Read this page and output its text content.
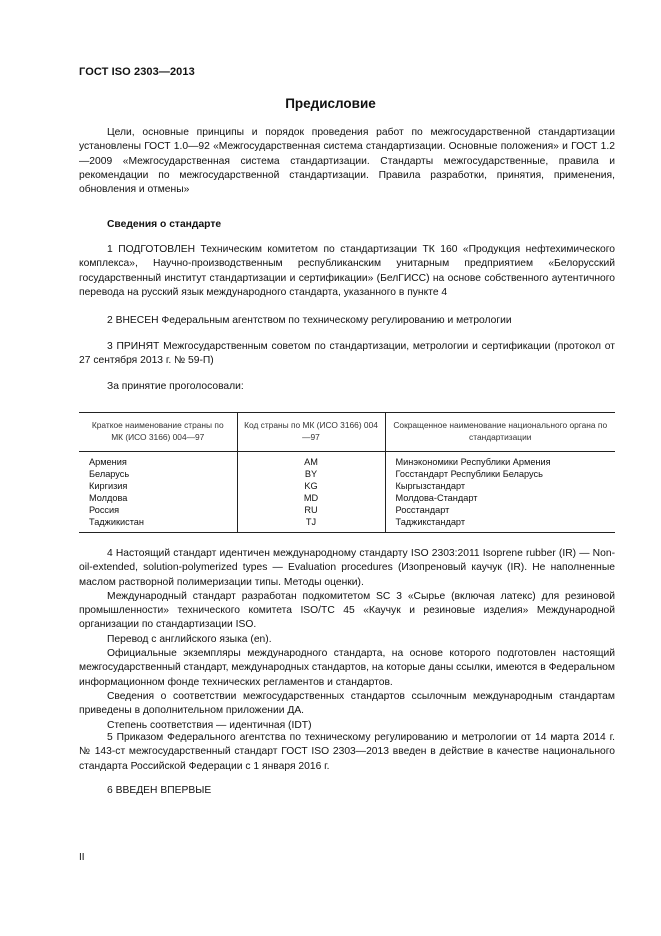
ГОСТ ISO 2303—2013
Предисловие

Цели, основные принципы и порядок проведения работ по межгосударственной стандартизации установлены ГОСТ 1.0—92 «Межгосударственная система стандартизации. Основные положения» и ГОСТ 1.2—2009 «Межгосударственная система стандартизации. Стандарты межгосударственные, правила и рекомендации по межгосударственной стандартизации. Правила разработки, принятия, применения, обновления и отмены»

Сведения о стандарте

1 ПОДГОТОВЛЕН Техническим комитетом по стандартизации ТК 160 «Продукция нефтехимического комплекса», Научно-производственным республиканским унитарным предприятием «Белорусский государственный институт стандартизации и сертификации» (БелГИСС) на основе собственного аутентичного перевода на русский язык международного стандарта, указанного в пункте 4

2 ВНЕСЕН Федеральным агентством по техническому регулированию и метрологии

3 ПРИНЯТ Межгосударственным советом по стандартизации, метрологии и сертификации (протокол от 27 сентября 2013 г. № 59-П)

За принятие проголосовали:

Краткое наименование страны по МК (ИСО 3166) 004—97	Код страны по МК (ИСО 3166) 004—97	Сокращенное наименование национального органа по стандартизации
Армения	AM	Минэкономики Республики Армения
Беларусь	BY	Госстандарт Республики Беларусь
Киргизия	KG	Кыргызстандарт
Молдова	MD	Молдова-Стандарт
Россия	RU	Росстандарт
Таджикистан	TJ	Таджикстандарт

4 Настоящий стандарт идентичен международному стандарту ISO 2303:2011 Isoprene rubber (IR) — Non-oil-extended, solution-polymerized types — Evaluation procedures (Изопреновый каучук (IR). Не наполненные маслом растворной полимеризации типы. Методы оценки).

Международный стандарт разработан подкомитетом SC 3 «Сырье (включая латекс) для резиновой промышленности» технического комитета ISO/TC 45 «Каучук и резиновые изделия» Международной организации по стандартизации ISO.

Перевод с английского языка (en).

Официальные экземпляры международного стандарта, на основе которого подготовлен настоящий межгосударственный стандарт, международных стандартов, на которые даны ссылки, имеются в Федеральном информационном фонде технических регламентов и стандартов.

Сведения о соответствии межгосударственных стандартов ссылочным международным стандартам приведены в дополнительном приложении ДА.

Степень соответствия — идентичная (IDT)

5 Приказом Федерального агентства по техническому регулированию и метрологии от 14 марта 2014 г. № 143-ст межгосударственный стандарт ГОСТ ISO 2303—2013 введен в действие в качестве национального стандарта Российской Федерации с 1 января 2016 г.

6 ВВЕДЕН ВПЕРВЫЕ

II
